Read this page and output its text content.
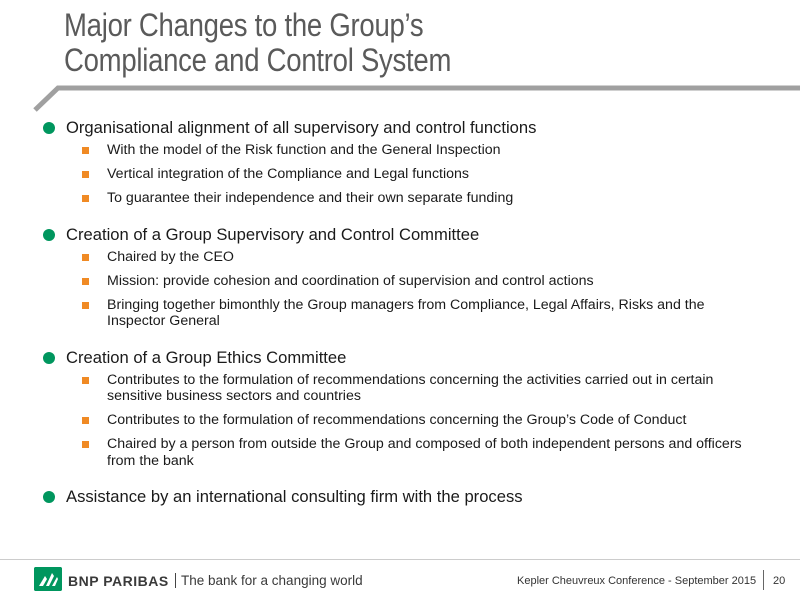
Major Changes to the Group’s
Compliance and Control System
Organisational alignment of all supervisory and control functions
With the model of the Risk function and the General Inspection
Vertical integration of the Compliance and Legal functions
To guarantee their independence and their own separate funding
Creation of a Group Supervisory and Control Committee
Chaired by the CEO
Mission: provide cohesion and coordination of supervision and control actions
Bringing together bimonthly the Group managers from Compliance, Legal Affairs, Risks and the Inspector General
Creation of a Group Ethics Committee
Contributes to the formulation of recommendations concerning the activities carried out in certain sensitive business sectors and countries
Contributes to the formulation of recommendations concerning the Group’s Code of Conduct
Chaired by a person from outside the Group and composed of both independent persons and officers from the bank
Assistance by an international consulting firm with the process
BNP PARIBAS The bank for a changing world	Kepler Cheuvreux Conference - September 2015 20
